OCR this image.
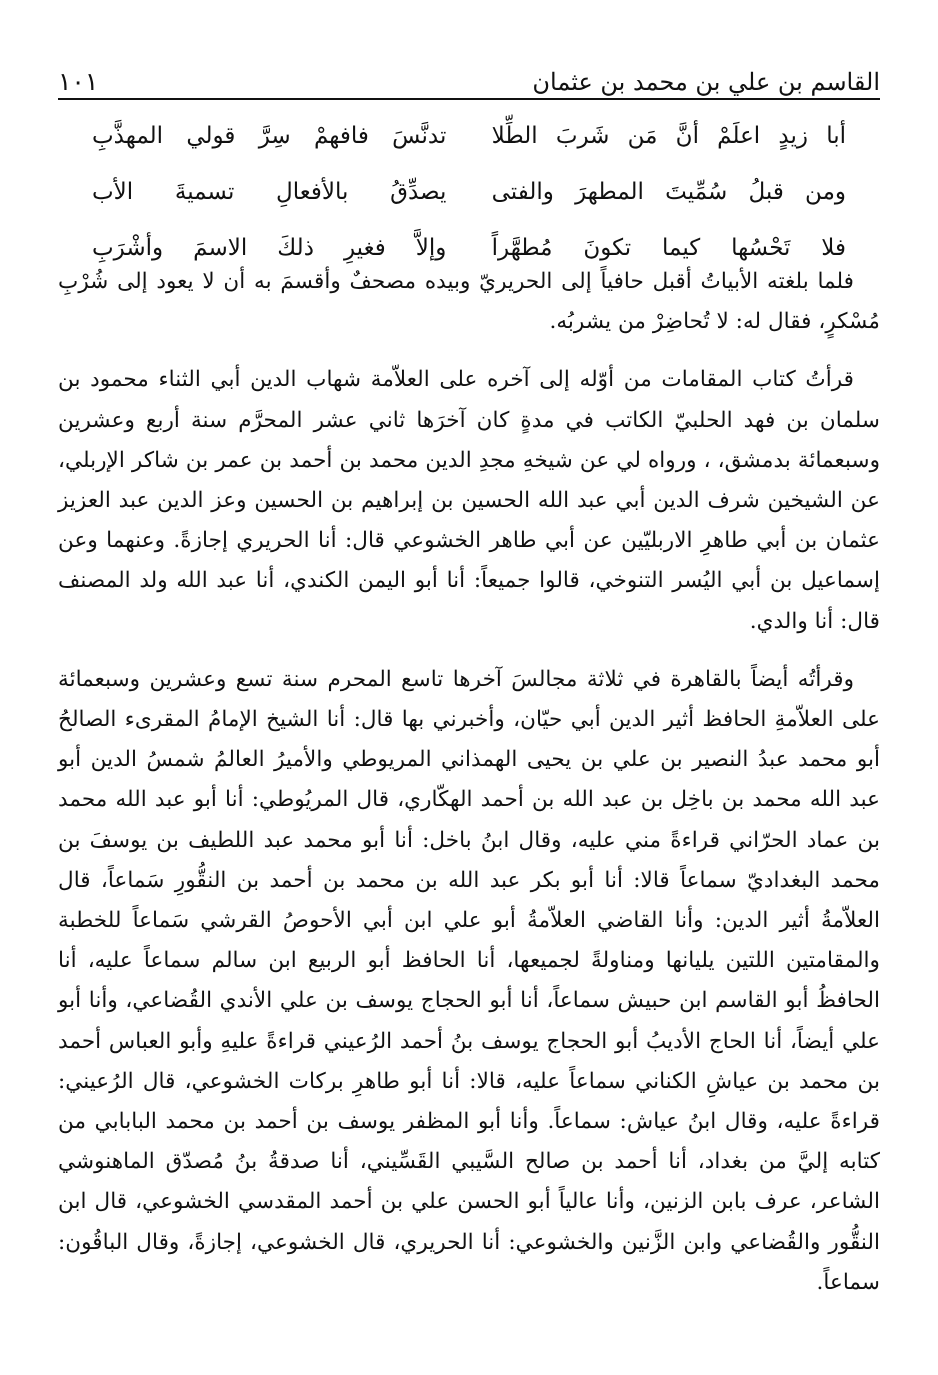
القاسم بن علي بن محمد بن عثمان
١٠١
أبا زيدٍ اعلَمْ أنَّ مَن شَربَ الطِّلا
تدنَّسَ فافهمْ سِرَّ قولي المهذَّبِ
ومن قبلُ سُمِّيتَ المطهرَ والفتى
يصدِّقُ بالأفعالِ تسميةَ الأب
فلا تَحْسُها كيما تكونَ مُطهَّراً
وإلاَّ فغيرِ ذلكَ الاسمَ وأشْرَبِ

فلما بلغته الأبياتُ أقبل حافياً إلى الحريريّ وبيده مصحفٌ وأقسمَ به أن لا يعود إلى شُرْبِ مُسْكرٍ، فقال له: لا تُحاضِرْ من يشربُه.

قرأتُ كتاب المقامات من أوّله إلى آخره على العلاّمة شهاب الدين أبي الثناء محمود بن سلمان بن فهد الحلبيّ الكاتب في مدةٍ كان آخرَها ثاني عشر المحرَّم سنة أربع وعشرين وسبعمائة بدمشق، ، ورواه لي عن شيخهِ مجدِ الدين محمد بن أحمد بن عمر بن شاكر الإربلي، عن الشيخين شرف الدين أبي عبد الله الحسين بن إبراهيم بن الحسين وعز الدين عبد العزيز عثمان بن أبي طاهرِ الاربليّين عن أبي طاهر الخشوعي قال: أنا الحريري إجازةً. وعنهما وعن إسماعيل بن أبي اليُسر التنوخي، قالوا جميعاً: أنا أبو اليمن الكندي، أنا عبد الله ولد المصنف قال: أنا والدي.

وقرأتُه أيضاً بالقاهرة في ثلاثة مجالسَ آخرها تاسع المحرم سنة تسع وعشرين وسبعمائة على العلاّمةِ الحافظ أثير الدين أبي حيّان، وأخبرني بها قال: أنا الشيخ الإمامُ المقرىء الصالحُ أبو محمد عبدُ النصير بن علي بن يحيى الهمذاني المريوطي والأميرُ العالمُ شمسُ الدين أبو عبد الله محمد بن باخِل بن عبد الله بن أحمد الهكّاري، قال المريُوطي: أنا أبو عبد الله محمد بن عماد الحرّاني قراءةً مني عليه، وقال ابنُ باخل: أنا أبو محمد عبد اللطيف بن يوسفَ بن محمد البغداديّ سماعاً قالا: أنا أبو بكر عبد الله بن محمد بن أحمد بن النقُّورِ سَماعاً، قال العلاّمةُ أثير الدين: وأنا القاضي العلاّمةُ أبو علي ابن أبي الأحوصُ القرشي سَماعاً للخطبة والمقامتين اللتين يليانها ومناولةً لجميعها، أنا الحافظ أبو الربيع ابن سالم سماعاً عليه، أنا الحافظُ أبو القاسم ابن حبيش سماعاً، أنا أبو الحجاج يوسف بن علي الأندي القُضاعي، وأنا أبو علي أيضاً، أنا الحاج الأديبُ أبو الحجاج يوسف بنُ أحمد الرُعيني قراءةً عليهِ وأبو العباس أحمد بن محمد بن عياشِ الكناني سماعاً عليه، قالا: أنا أبو طاهرِ بركات الخشوعي، قال الرُعيني: قراءةً عليه، وقال ابنُ عياش: سماعاً. وأنا أبو المظفر يوسف بن أحمد بن محمد البابابي من كتابه إليَّ من بغداد، أنا أحمد بن صالح السَّيبي القَسِّيني، أنا صدقةُ بنُ مُصدّق الماهنوشي الشاعر، عرف بابن الزنين، وأنا عالياً أبو الحسن علي بن أحمد المقدسي الخشوعي، قال ابن النقُّور والقُضاعي وابن الزَّنين والخشوعي: أنا الحريري، قال الخشوعي، إجازةً، وقال الباقُون: سماعاً.
